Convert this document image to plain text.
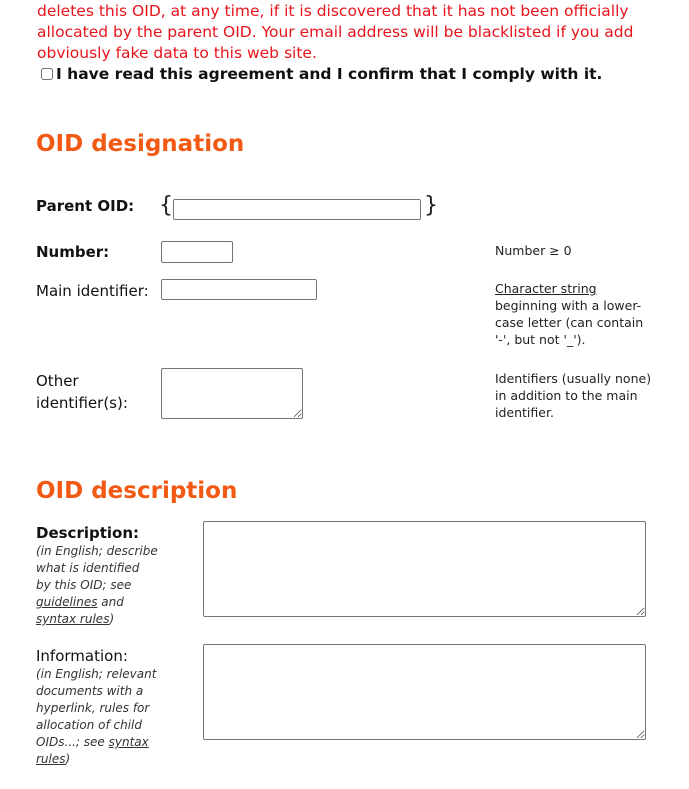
deletes this OID, at any time, if it is discovered that it has not been officially
allocated by the parent OID. Your email address will be blacklisted if you add
obviously fake data to this web site.
I have read this agreement and I confirm that I comply with it.
OID designation
Parent OID: {	}
Number:	Number ≥ 0
Main identifier:	Character string
beginning with a lower-
case letter (can contain
'-', but not '_').
Other
identifier(s):
Identifiers (usually none)
in addition to the main
identifier.
OID description
Description:
(in English; describe
what is identified
by this OID; see
guidelines and
syntax rules)
Information:
(in English; relevant
documents with a
hyperlink, rules for
allocation of child
OIDs...; see syntax
rules)
